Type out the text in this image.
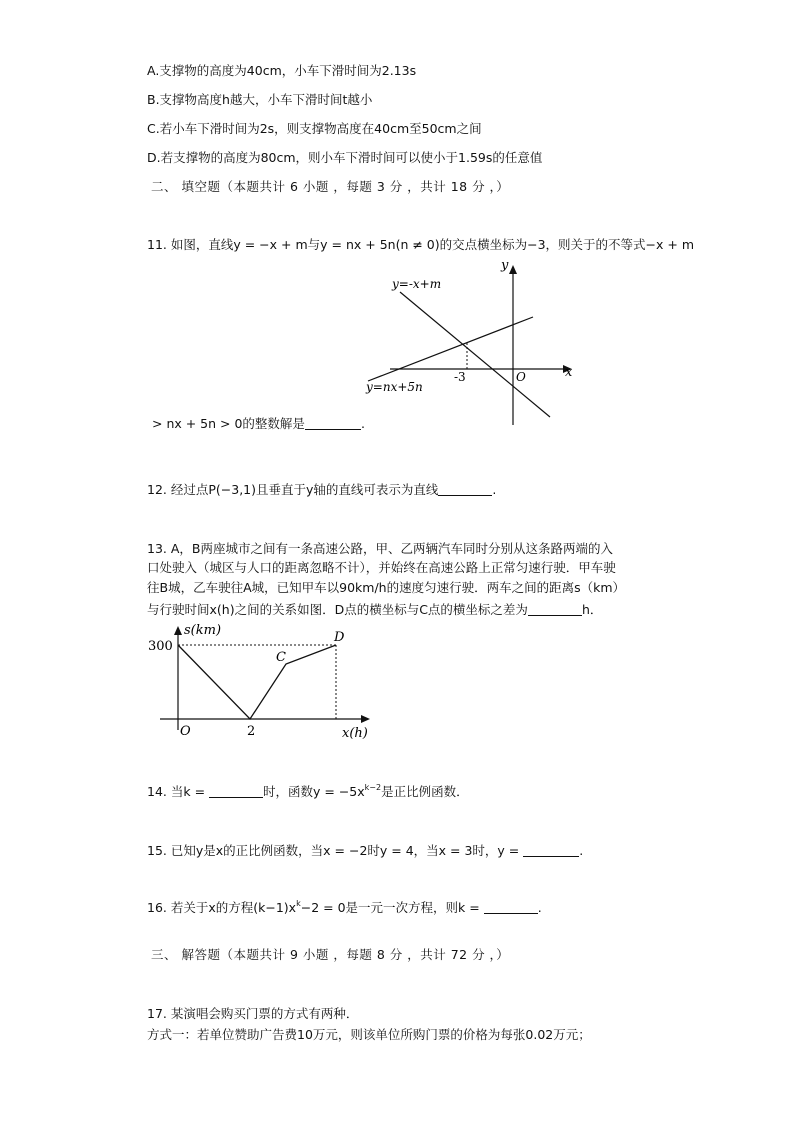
A.支撑物的高度为40cm，小车下滑时间为2.13s
B.支撑物高度h越大，小车下滑时间t越小
C.若小车下滑时间为2s，则支撑物高度在40cm至50cm之间
D.若支撑物的高度为80cm，则小车下滑时间可以使小于1.59s的任意值
二、 填空题（本题共计 6 小题 ，每题 3 分 ，共计 18 分 ，）
11. 如图，直线y = −x + m与y = nx + 5n(n ≠ 0)的交点横坐标为−3，则关于的不等式−x + m
y=-x+m
y=nx+5n
x
y
-3	O
> nx + 5n > 0的整数解是	.
12. 经过点P(−3,1)且垂直于y轴的直线可表示为直线	.
13. A，B两座城市之间有一条高速公路，甲、乙两辆汽车同时分别从这条路两端的入
口处驶入（城区与人口的距离忽略不计），并始终在高速公路上正常匀速行驶．甲车驶
往B城，乙车驶往A城，已知甲车以90km/h的速度匀速行驶．两车之间的距离s（km）
与行驶时间x(h)之间的关系如图．D点的横坐标与C点的横坐标之差为	h．
s(km)
300
x(h)
2
O
C
D
14. 当k =	时，函数$y = -5x^{k-2}$是正比例函数．
15. 已知y是x的正比例函数，当x = −2时y = 4，当x = 3时，y =	.
16. 若关于x的方程$(k-1)x^k-2 = 0$是一元一次方程，则k =	.
三、 解答题（本题共计 9 小题 ，每题 8 分 ，共计 72 分 ，）
17. 某演唱会购买门票的方式有两种．
方式一：若单位赞助广告费10万元，则该单位所购门票的价格为每张0.02万元；
